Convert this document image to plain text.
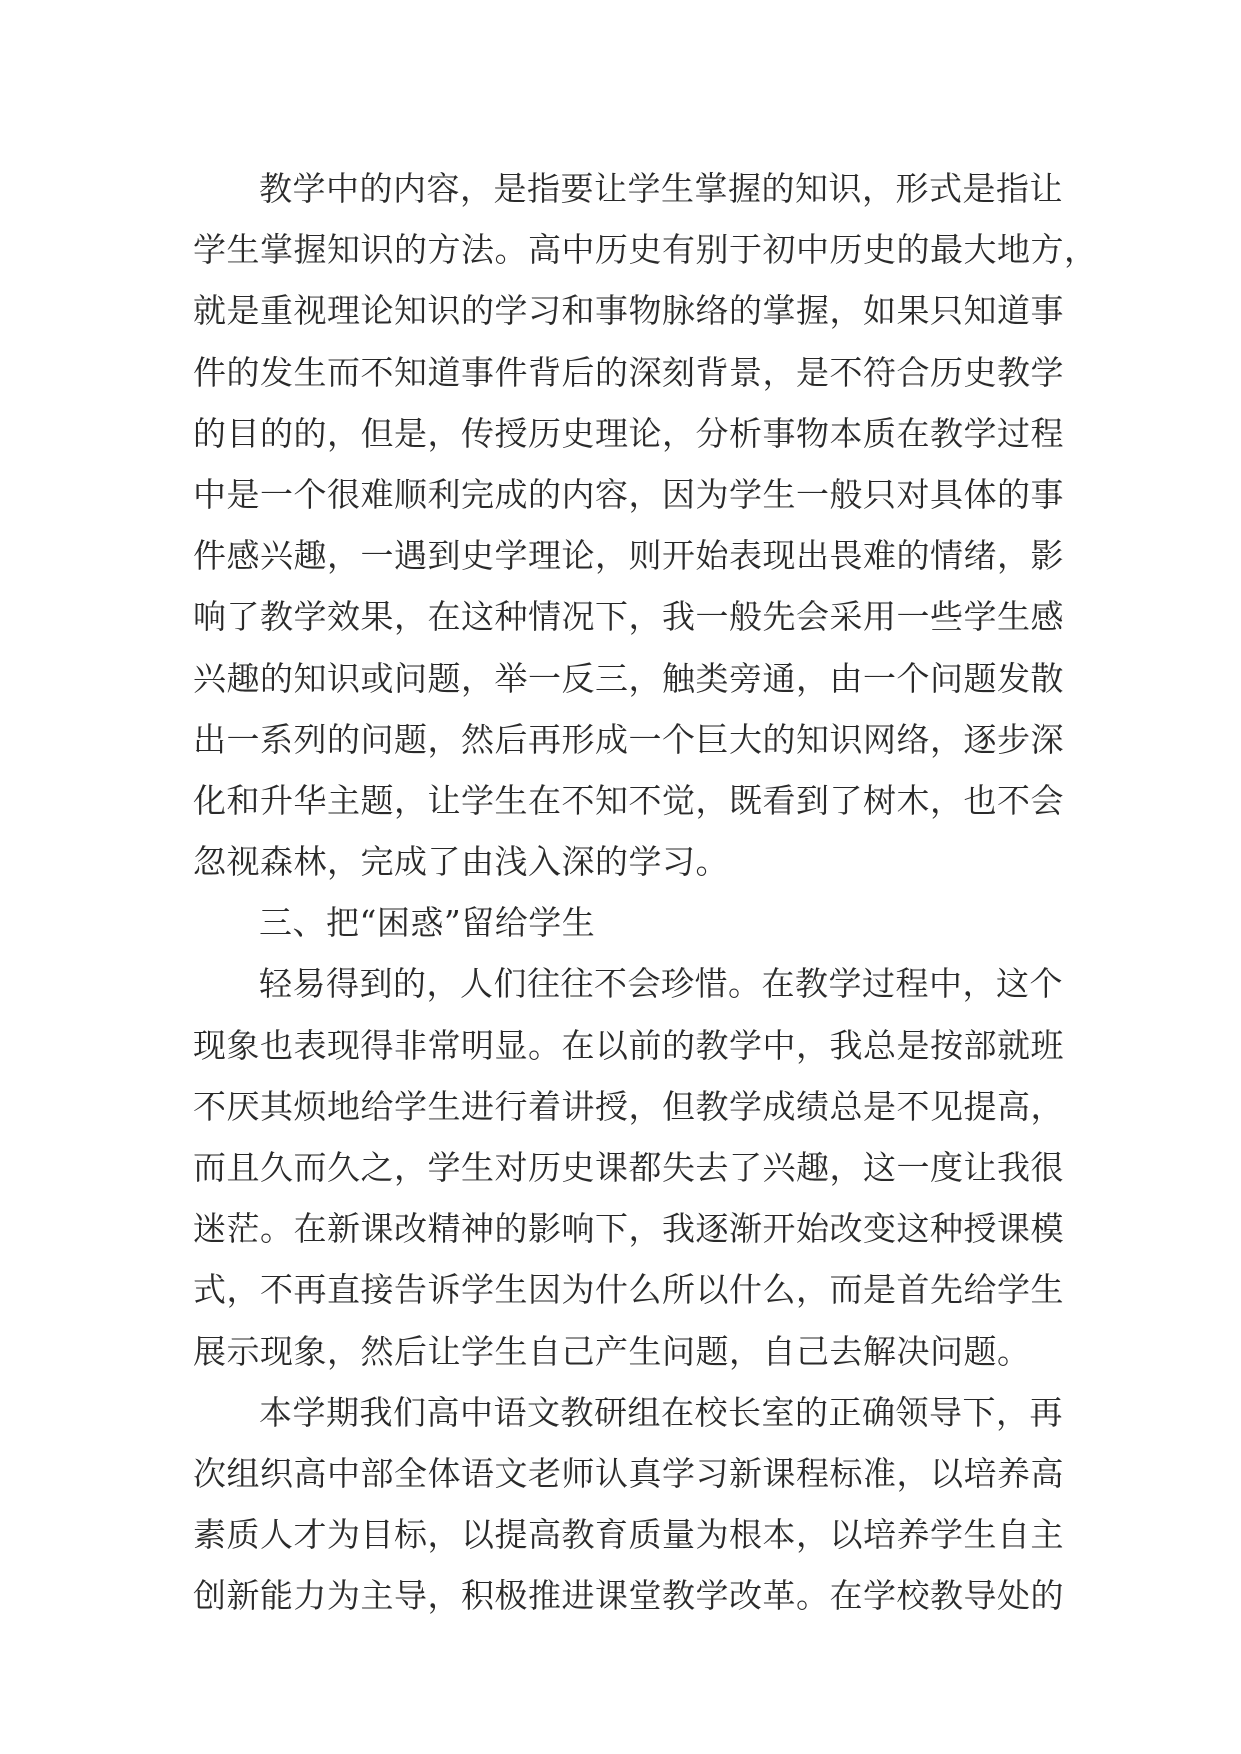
教学中的内容，是指要让学生掌握的知识，形式是指让
学生掌握知识的方法。高中历史有别于初中历史的最大地方，
就是重视理论知识的学习和事物脉络的掌握，如果只知道事
件的发生而不知道事件背后的深刻背景，是不符合历史教学
的目的的，但是，传授历史理论，分析事物本质在教学过程
中是一个很难顺利完成的内容，因为学生一般只对具体的事
件感兴趣，一遇到史学理论，则开始表现出畏难的情绪，影
响了教学效果，在这种情况下，我一般先会采用一些学生感
兴趣的知识或问题，举一反三，触类旁通，由一个问题发散
出一系列的问题，然后再形成一个巨大的知识网络，逐步深
化和升华主题，让学生在不知不觉，既看到了树木，也不会
忽视森林，完成了由浅入深的学习。
三、把“困惑”留给学生
轻易得到的，人们往往不会珍惜。在教学过程中，这个
现象也表现得非常明显。在以前的教学中，我总是按部就班
不厌其烦地给学生进行着讲授，但教学成绩总是不见提高，
而且久而久之，学生对历史课都失去了兴趣，这一度让我很
迷茫。在新课改精神的影响下，我逐渐开始改变这种授课模
式，不再直接告诉学生因为什么所以什么，而是首先给学生
展示现象，然后让学生自己产生问题，自己去解决问题。
本学期我们高中语文教研组在校长室的正确领导下，再
次组织高中部全体语文老师认真学习新课程标准，以培养高
素质人才为目标，以提高教育质量为根本，以培养学生自主
创新能力为主导，积极推进课堂教学改革。在学校教导处的
